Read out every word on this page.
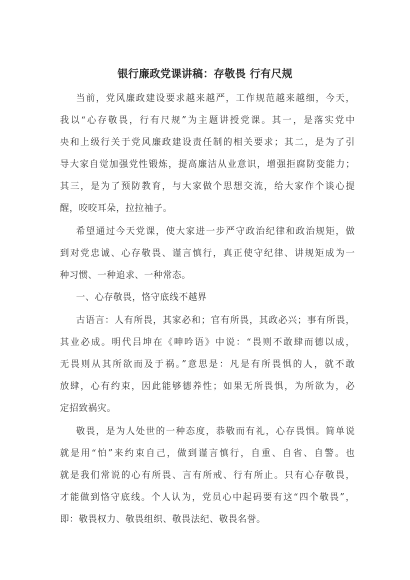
银行廉政党课讲稿：存敬畏 行有尺规
当前，党风廉政建设要求越来越严，工作规范越来越细，今天，
我以“心存敬畏，行有尺规”为主题讲授党课。其一，是落实党中
央和上级行关于党风廉政建设责任制的相关要求；其二，是为了引
导大家自觉加强党性锻炼，提高廉洁从业意识，增强拒腐防变能力；
其三，是为了预防教育，与大家做个思想交流，给大家作个谈心提
醒，咬咬耳朵，拉拉袖子。
希望通过今天党课，使大家进一步严守政治纪律和政治规矩，做
到对党忠诚、心存敬畏、谨言慎行，真正使守纪律、讲规矩成为一
种习惯、一种追求、一种常态。
一、心存敬畏，恪守底线不越界
古语言：人有所畏，其家必和；官有所畏，其政必兴；事有所畏，
其业必成。明代吕坤在《呻吟语》中说：“畏则不敢肆而德以成，
无畏则从其所欲而及于祸。”意思是：凡是有所畏惧的人，就不敢
放肆，心有约束，因此能够德养性；如果无所畏惧，为所欲为，必
定招致祸灾。
敬畏，是为人处世的一种态度，恭敬而有礼，心存畏惧。简单说
就是用“怕”来约束自己，做到谨言慎行，自重、自省、自警。也
就是我们常说的心有所畏、言有所戒、行有所止。只有心存敬畏，
才能做到恪守底线。个人认为，党员心中起码要有这“四个敬畏”，
即：敬畏权力、敬畏组织、敬畏法纪、敬畏名誉。
